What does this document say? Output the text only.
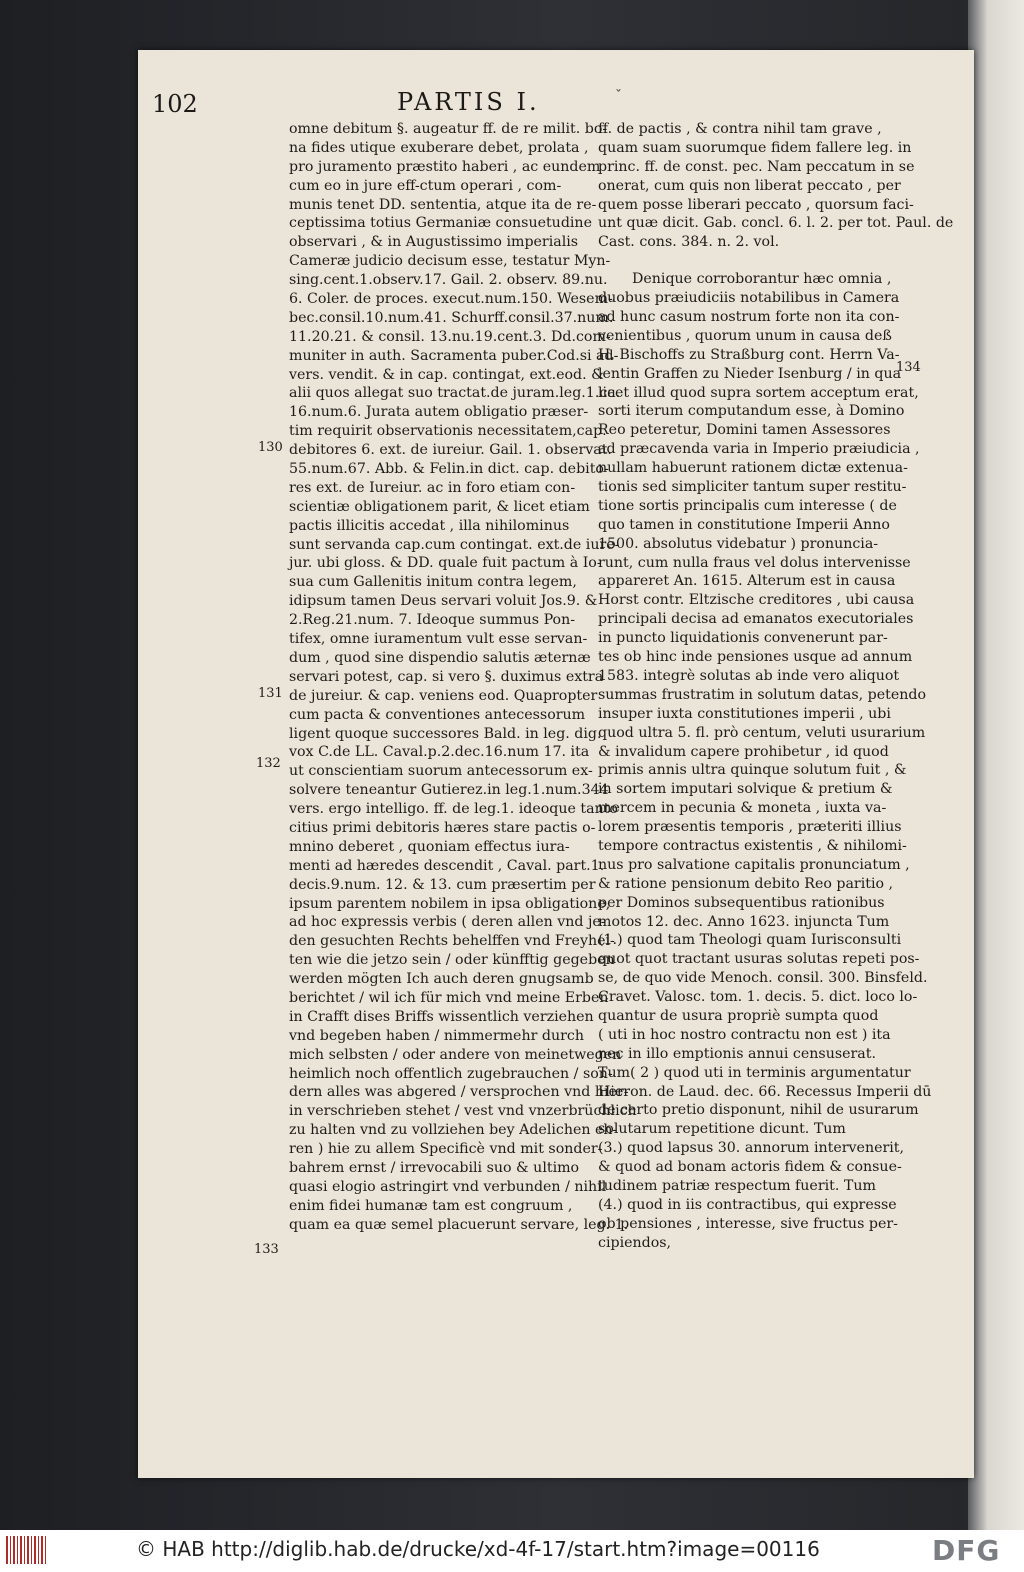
ˇ
102	PARTIS I.
130
131
132
133
134
omne debitum §. augeatur ff. de re milit. bo-
na fides utique exuberare debet, prolata ,
pro juramento præstito haberi , ac eundem
cum eo in jure eff-ctum operari , com-
munis tenet DD. sententia, atque ita de re-
ceptissima totius Germaniæ consuetudine
observari , & in Augustissimo imperialis
Cameræ judicio decisum esse, testatur Myn-
sing.cent.1.observ.17. Gail. 2. observ. 89.nu.
6. Coler. de proces. execut.num.150. Wesem-
bec.consil.10.num.41. Schurff.consil.37.num.
11.20.21. & consil. 13.nu.19.cent.3. Dd.com-
muniter in auth. Sacramenta puber.Cod.si ad-
vers. vendit. & in cap. contingat, ext.eod. &
alii quos allegat suo tractat.de juram.leg.1.ca.
16.num.6. Jurata autem obligatio præser-
tim requirit observationis necessitatem,cap.
debitores 6. ext. de iureiur. Gail. 1. observat.
55.num.67. Abb. & Felin.in dict. cap. debito-
res ext. de Iureiur. ac in foro etiam con-
scientiæ obligationem parit, & licet etiam
pactis illicitis accedat , illa nihilominus
sunt servanda cap.cum contingat. ext.de iure-
jur. ubi gloss. & DD. quale fuit pactum à Io-
sua cum Gallenitis initum contra legem,
idipsum tamen Deus servari voluit Jos.9. &
2.Reg.21.num. 7. Ideoque summus Pon-
tifex, omne iuramentum vult esse servan-
dum , quod sine dispendio salutis æternæ
servari potest, cap. si vero §. duximus extra
de jureiur. & cap. veniens eod. Quapropter
cum pacta & conventiones antecessorum
ligent quoque successores Bald. in leg. dig.
vox C.de LL. Caval.p.2.dec.16.num 17. ita
ut conscientiam suorum antecessorum ex-
solvere teneantur Gutierez.in leg.1.num.344
vers. ergo intelligo. ff. de leg.1. ideoque tanto
citius primi debitoris hæres stare pactis o-
mnino deberet , quoniam effectus iura-
menti ad hæredes descendit , Caval. part.1.
decis.9.num. 12. & 13. cum præsertim per
ipsum parentem nobilem in ipsa obligatione,
ad hoc expressis verbis ( deren allen vnd je-
den gesuchten Rechts behelffen vnd Freyhei-
ten wie die jetzo sein / oder künfftig gegeben
werden mögten Ich auch deren gnugsamb
berichtet / wil ich für mich vnd meine Erben
in Crafft dises Briffs wissentlich verziehen
vnd begeben haben / nimmermehr durch
mich selbsten / oder andere von meinetwegen
heimlich noch offentlich zugebrauchen / son-
dern alles was abgered / versprochen vnd hier-
in verschrieben stehet / vest vnd vnzerbrüchlich
zu halten vnd zu vollziehen bey Adelichen eh-
ren ) hie zu allem Specificè vnd mit sonder-
bahrem ernst / irrevocabili suo & ultimo
quasi elogio astringirt vnd verbunden / nihil
enim fidei humanæ tam est congruum ,
quam ea quæ semel placuerunt servare, leg. 1.
ff. de pactis , & contra nihil tam grave ,
quam suam suorumque fidem fallere leg. in
princ. ff. de const. pec. Nam peccatum in se
onerat, cum quis non liberat peccato , per
quem posse liberari peccato , quorsum faci-
unt quæ dicit. Gab. concl. 6. l. 2. per tot. Paul. de
Cast. cons. 384. n. 2. vol.
Denique corroborantur hæc omnia ,
duobus præiudiciis notabilibus in Camera
ad hunc casum nostrum forte non ita con-
venientibus , quorum unum in causa deß
H. Bischoffs zu Straßburg cont. Herrn Va-
lentin Graffen zu Nieder Isenburg / in qua
licet illud quod supra sortem acceptum erat,
sorti iterum computandum esse, à Domino
Reo peteretur, Domini tamen Assessores
ad præcavenda varia in Imperio præiudicia ,
nullam habuerunt rationem dictæ extenua-
tionis sed simpliciter tantum super restitu-
tione sortis principalis cum interesse ( de
quo tamen in constitutione Imperii Anno
1500. absolutus videbatur ) pronuncia-
runt, cum nulla fraus vel dolus intervenisse
appareret An. 1615. Alterum est in causa
Horst contr. Eltzische creditores , ubi causa
principali decisa ad emanatos executoriales
in puncto liquidationis convenerunt par-
tes ob hinc inde pensiones usque ad annum
1583. integrè solutas ab inde vero aliquot
summas frustratim in solutum datas, petendo
insuper iuxta constitutiones imperii , ubi
quod ultra 5. fl. prò centum, veluti usurarium
& invalidum capere prohibetur , id quod
primis annis ultra quinque solutum fuit , &
in sortem imputari solvique & pretium &
mercem in pecunia & moneta , iuxta va-
lorem præsentis temporis , præteriti illius
tempore contractus existentis , & nihilomi-
nus pro salvatione capitalis pronunciatum ,
& ratione pensionum debito Reo paritio ,
per Dominos subsequentibus rationibus
motos 12. dec. Anno 1623. injuncta Tum
(1.) quod tam Theologi quam Iurisconsulti
quot quot tractant usuras solutas repeti pos-
se, de quo vide Menoch. consil. 300. Binsfeld.
Cravet. Valosc. tom. 1. decis. 5. dict. loco lo-
quantur de usura propriè sumpta quod
( uti in hoc nostro contractu non est ) ita
nec in illo emptionis annui censuserat.
Tum( 2 ) quod uti in terminis argumentatur
Hieron. de Laud. dec. 66. Recessus Imperii dū
de certo pretio disponunt, nihil de usurarum
solutarum repetitione dicunt. Tum
(3.) quod lapsus 30. annorum intervenerit,
& quod ad bonam actoris fidem & consue-
tudinem patriæ respectum fuerit. Tum
(4.) quod in iis contractibus, qui expresse
ob pensiones , interesse, sive fructus per-
cipiendos,
© HAB http://diglib.hab.de/drucke/xd-4f-17/start.htm?image=00116	DFG
